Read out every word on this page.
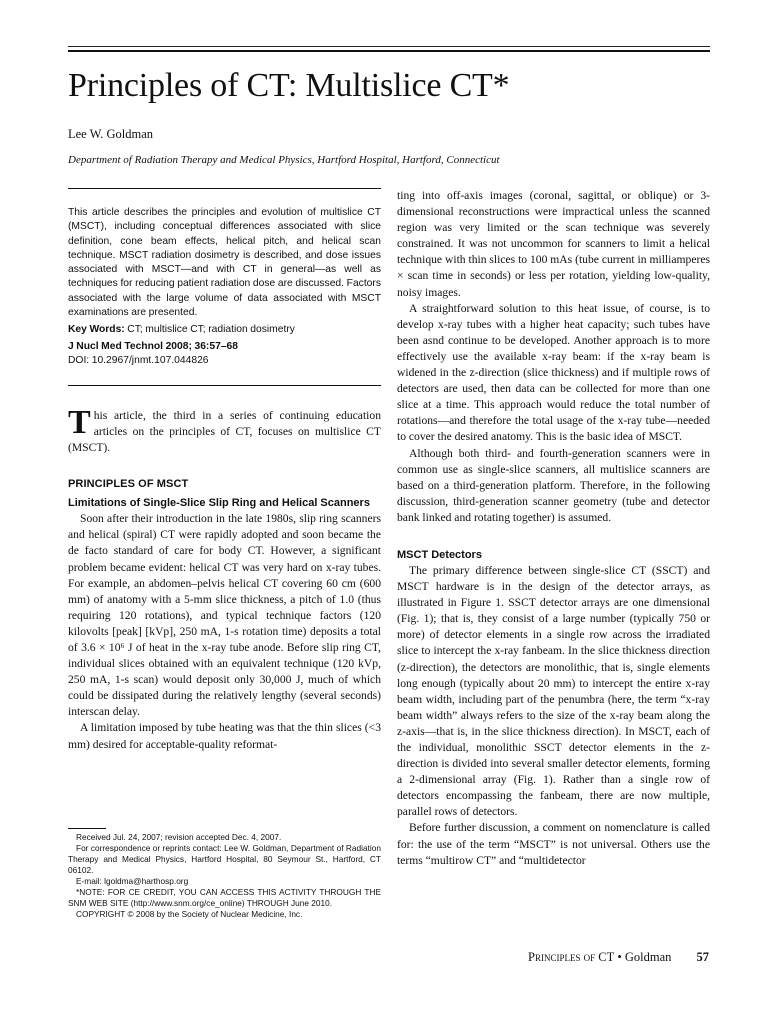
Principles of CT: Multislice CT*
Lee W. Goldman
Department of Radiation Therapy and Medical Physics, Hartford Hospital, Hartford, Connecticut

This article describes the principles and evolution of multislice CT (MSCT), including conceptual differences associated with slice definition, cone beam effects, helical pitch, and helical scan technique. MSCT radiation dosimetry is described, and dose issues associated with MSCT—and with CT in general—as well as techniques for reducing patient radiation dose are discussed. Factors associated with the large volume of data associated with MSCT examinations are presented.

Key Words: CT; multislice CT; radiation dosimetry

J Nucl Med Technol 2008; 36:57–68

DOI: 10.2967/jnmt.107.044826

This article, the third in a series of continuing education articles on the principles of CT, focuses on multislice CT (MSCT).
PRINCIPLES OF MSCT
Limitations of Single-Slice Slip Ring and Helical Scanners

Soon after their introduction in the late 1980s, slip ring scanners and helical (spiral) CT were rapidly adopted and soon became the de facto standard of care for body CT. However, a significant problem became evident: helical CT was very hard on x-ray tubes. For example, an abdomen–pelvis helical CT covering 60 cm (600 mm) of anatomy with a 5-mm slice thickness, a pitch of 1.0 (thus requiring 120 rotations), and typical technique factors (120 kilovolts [peak] [kVp], 250 mA, 1-s rotation time) deposits a total of 3.6 × 10⁶ J of heat in the x-ray tube anode. Before slip ring CT, individual slices obtained with an equivalent technique (120 kVp, 250 mA, 1-s scan) would deposit only 30,000 J, much of which could be dissipated during the relatively lengthy (several seconds) interscan delay.

A limitation imposed by tube heating was that the thin slices (<3 mm) desired for acceptable-quality reformat-

Received Jul. 24, 2007; revision accepted Dec. 4, 2007.

For correspondence or reprints contact: Lee W. Goldman, Department of Radiation Therapy and Medical Physics, Hartford Hospital, 80 Seymour St., Hartford, CT 06102.

E-mail: lgoldma@harthosp.org

*NOTE: FOR CE CREDIT, YOU CAN ACCESS THIS ACTIVITY THROUGH THE SNM WEB SITE (http://www.snm.org/ce_online) THROUGH June 2010.

COPYRIGHT © 2008 by the Society of Nuclear Medicine, Inc.

ting into off-axis images (coronal, sagittal, or oblique) or 3-dimensional reconstructions were impractical unless the scanned region was very limited or the scan technique was severely constrained. It was not uncommon for scanners to limit a helical technique with thin slices to 100 mAs (tube current in milliamperes × scan time in seconds) or less per rotation, yielding low-quality, noisy images.

A straightforward solution to this heat issue, of course, is to develop x-ray tubes with a higher heat capacity; such tubes have been asnd continue to be developed. Another approach is to more effectively use the available x-ray beam: if the x-ray beam is widened in the z-direction (slice thickness) and if multiple rows of detectors are used, then data can be collected for more than one slice at a time. This approach would reduce the total number of rotations—and therefore the total usage of the x-ray tube—needed to cover the desired anatomy. This is the basic idea of MSCT.

Although both third- and fourth-generation scanners were in common use as single-slice scanners, all multislice scanners are based on a third-generation platform. Therefore, in the following discussion, third-generation scanner geometry (tube and detector bank linked and rotating together) is assumed.

MSCT Detectors

The primary difference between single-slice CT (SSCT) and MSCT hardware is in the design of the detector arrays, as illustrated in Figure 1. SSCT detector arrays are one dimensional (Fig. 1); that is, they consist of a large number (typically 750 or more) of detector elements in a single row across the irradiated slice to intercept the x-ray fanbeam. In the slice thickness direction (z-direction), the detectors are monolithic, that is, single elements long enough (typically about 20 mm) to intercept the entire x-ray beam width, including part of the penumbra (here, the term “x-ray beam width” always refers to the size of the x-ray beam along the z-axis—that is, in the slice thickness direction). In MSCT, each of the individual, monolithic SSCT detector elements in the z-direction is divided into several smaller detector elements, forming a 2-dimensional array (Fig. 1). Rather than a single row of detectors encompassing the fanbeam, there are now multiple, parallel rows of detectors.

Before further discussion, a comment on nomenclature is called for: the use of the term “MSCT” is not universal. Others use the terms “multirow CT” and “multidetector

Principles of CT • Goldman 57
